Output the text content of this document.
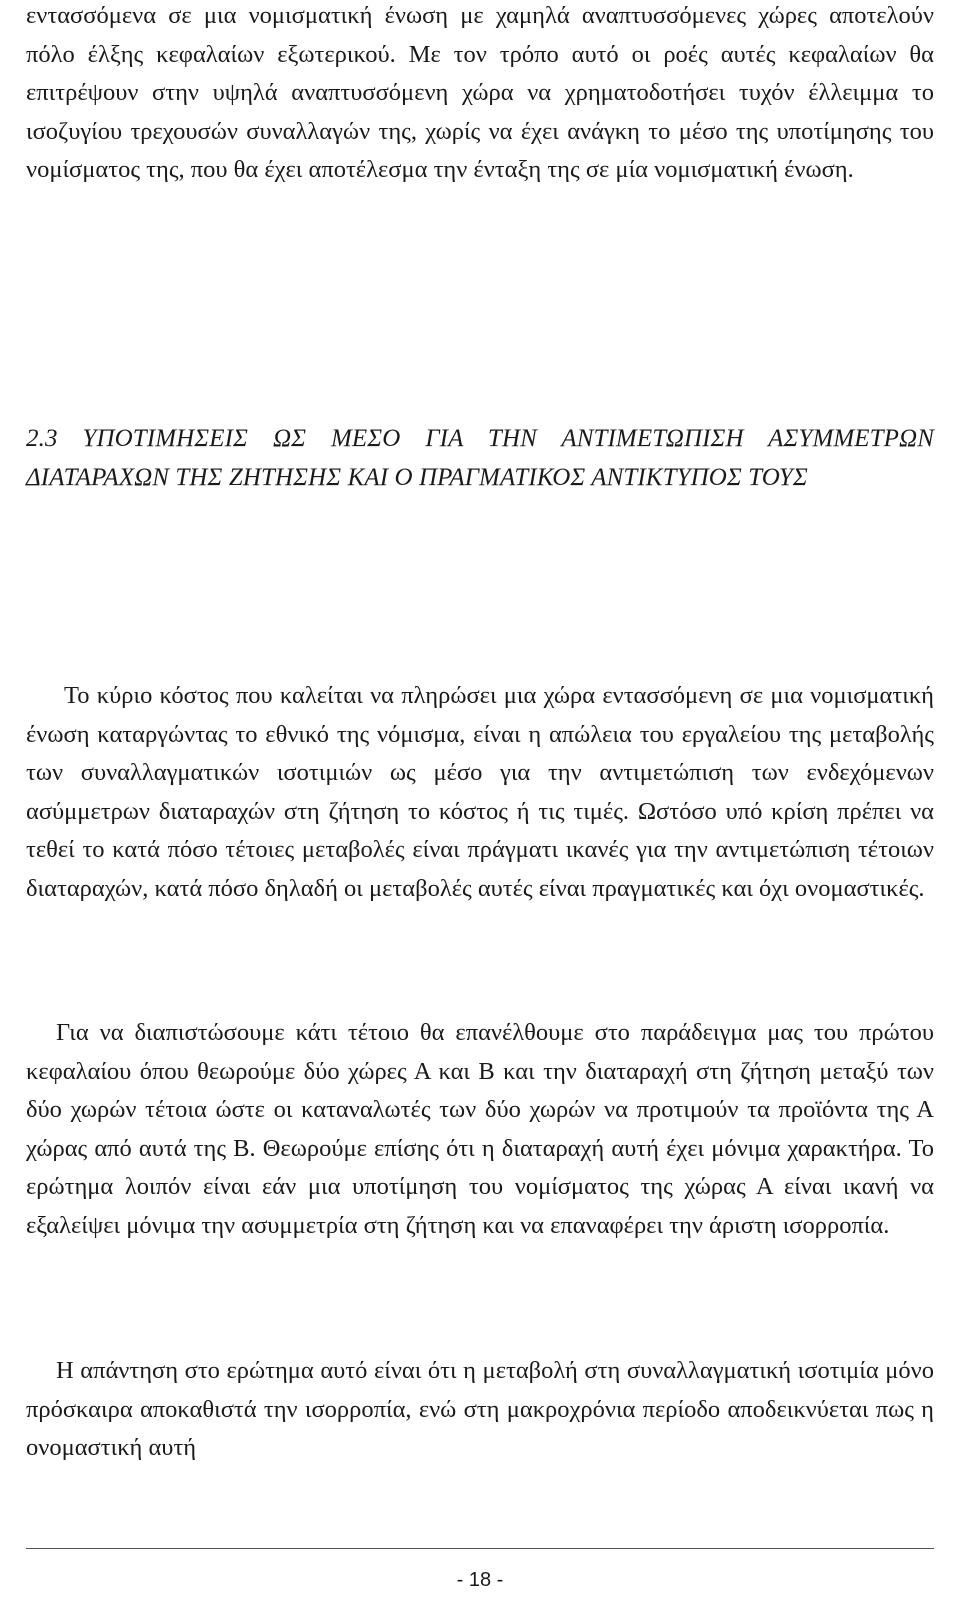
εντασσόμενα σε μια νομισματική ένωση με χαμηλά αναπτυσσόμενες χώρες αποτελούν πόλο έλξης κεφαλαίων εξωτερικού. Με τον τρόπο αυτό οι ροές αυτές κεφαλαίων θα επιτρέψουν στην υψηλά αναπτυσσόμενη χώρα να χρηματοδοτήσει τυχόν έλλειμμα το ισοζυγίου τρεχουσών συναλλαγών της, χωρίς να έχει ανάγκη το μέσο της υποτίμησης του νομίσματος της, που θα έχει αποτέλεσμα την ένταξη της σε μία νομισματική ένωση.

2.3 ΥΠΟΤΙΜΗΣΕΙΣ ΩΣ ΜΕΣΟ ΓΙΑ ΤΗΝ ΑΝΤΙΜΕΤΩΠΙΣΗ ΑΣΥΜΜΕΤΡΩΝ ΔΙΑΤΑΡΑΧΩΝ ΤΗΣ ΖΗΤΗΣΗΣ ΚΑΙ Ο ΠΡΑΓΜΑΤΙΚΟΣ ΑΝΤΙΚΤΥΠΟΣ ΤΟΥΣ

Το κύριο κόστος που καλείται να πληρώσει μια χώρα εντασσόμενη σε μια νομισματική ένωση καταργώντας το εθνικό της νόμισμα, είναι η απώλεια του εργαλείου της μεταβολής των συναλλαγματικών ισοτιμιών ως μέσο για την αντιμετώπιση των ενδεχόμενων ασύμμετρων διαταραχών στη ζήτηση το κόστος ή τις τιμές. Ωστόσο υπό κρίση πρέπει να τεθεί το κατά πόσο τέτοιες μεταβολές είναι πράγματι ικανές για την αντιμετώπιση τέτοιων διαταραχών, κατά πόσο δηλαδή οι μεταβολές αυτές είναι πραγματικές και όχι ονομαστικές.

Για να διαπιστώσουμε κάτι τέτοιο θα επανέλθουμε στο παράδειγμα μας του πρώτου κεφαλαίου όπου θεωρούμε δύο χώρες Α και Β και την διαταραχή στη ζήτηση μεταξύ των δύο χωρών τέτοια ώστε οι καταναλωτές των δύο χωρών να προτιμούν τα προϊόντα της Α χώρας από αυτά της Β. Θεωρούμε επίσης ότι η διαταραχή αυτή έχει μόνιμα χαρακτήρα. Το ερώτημα λοιπόν είναι εάν μια υποτίμηση του νομίσματος της χώρας Α είναι ικανή να εξαλείψει μόνιμα την ασυμμετρία στη ζήτηση και να επαναφέρει την άριστη ισορροπία.

Η απάντηση στο ερώτημα αυτό είναι ότι η μεταβολή στη συναλλαγματική ισοτιμία μόνο πρόσκαιρα αποκαθιστά την ισορροπία, ενώ στη μακροχρόνια περίοδο αποδεικνύεται πως η ονομαστική αυτή

- 18 -
